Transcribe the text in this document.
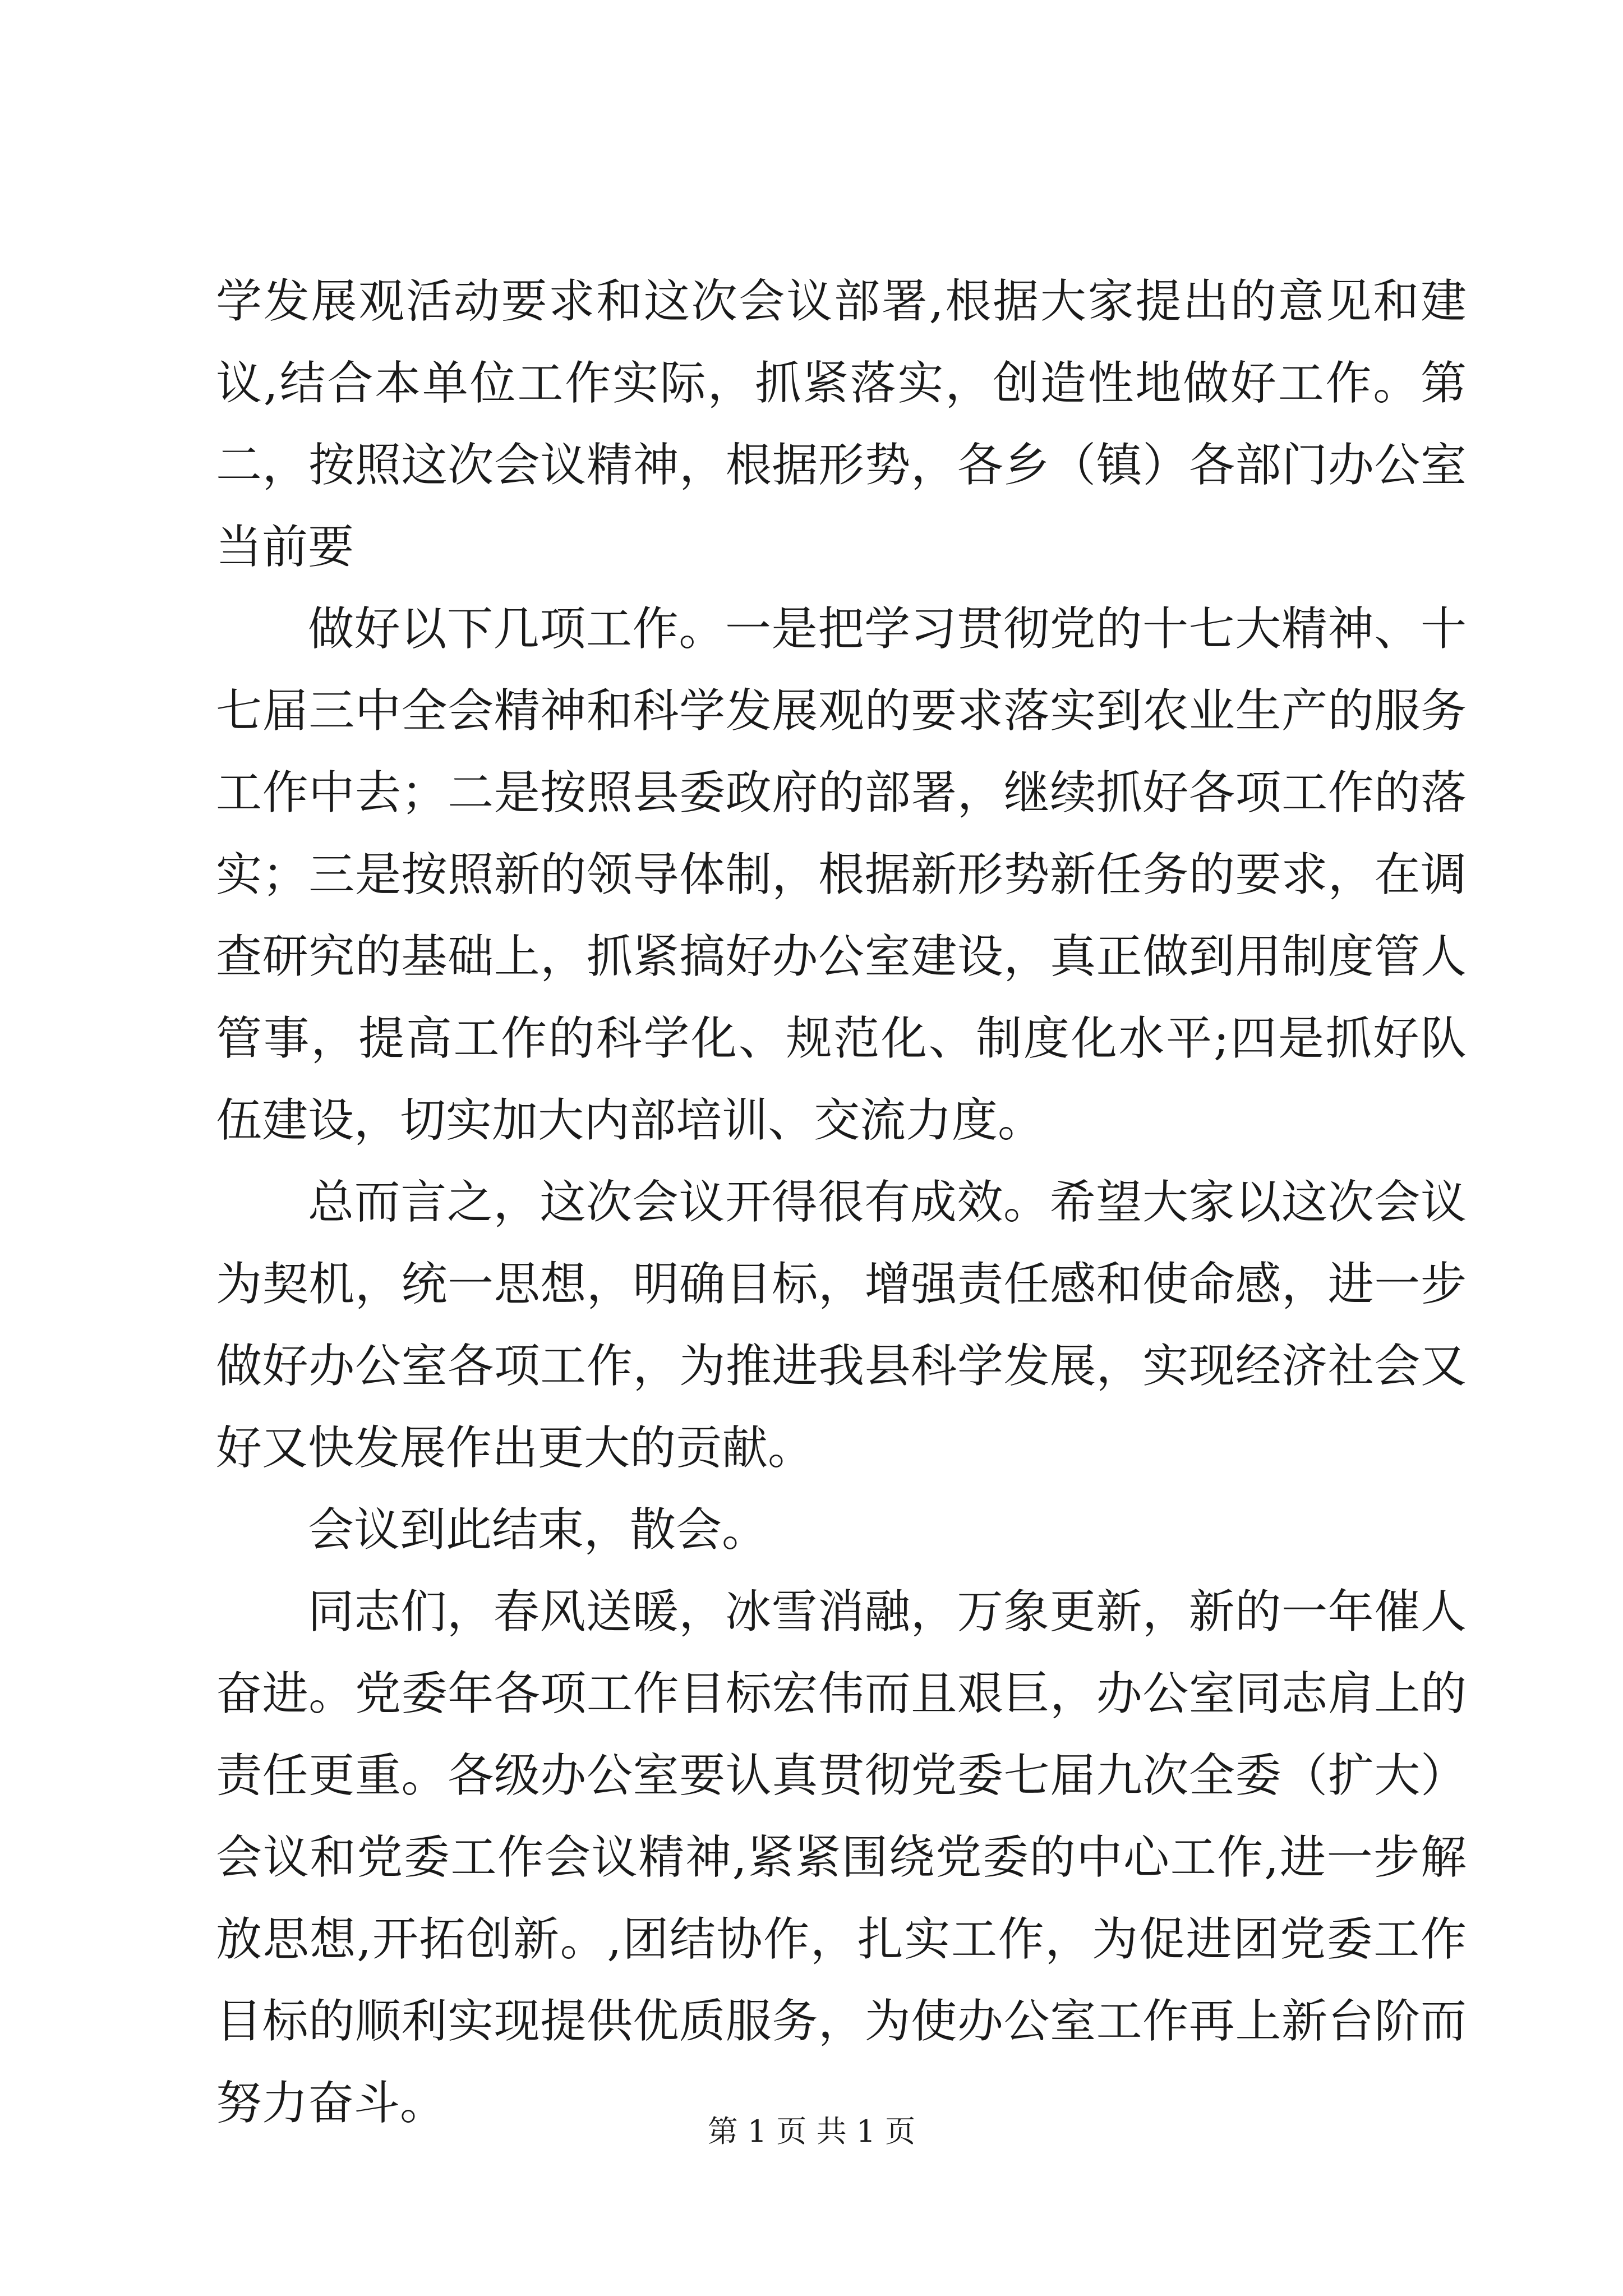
学发展观活动要求和这次会议部署,根据大家提出的意见和建议,结合本单位工作实际，抓紧落实，创造性地做好工作。第二，按照这次会议精神，根据形势，各乡（镇）各部门办公室当前要

做好以下几项工作。一是把学习贯彻党的十七大精神、十七届三中全会精神和科学发展观的要求落实到农业生产的服务工作中去；二是按照县委政府的部署，继续抓好各项工作的落实；三是按照新的领导体制，根据新形势新任务的要求，在调查研究的基础上，抓紧搞好办公室建设，真正做到用制度管人管事，提高工作的科学化、规范化、制度化水平;四是抓好队伍建设，切实加大内部培训、交流力度。

总而言之，这次会议开得很有成效。希望大家以这次会议为契机，统一思想，明确目标，增强责任感和使命感，进一步做好办公室各项工作，为推进我县科学发展，实现经济社会又好又快发展作出更大的贡献。

会议到此结束，散会。

同志们，春风送暖，冰雪消融，万象更新，新的一年催人奋进。党委年各项工作目标宏伟而且艰巨，办公室同志肩上的责任更重。各级办公室要认真贯彻党委七届九次全委（扩大）会议和党委工作会议精神,紧紧围绕党委的中心工作,进一步解放思想,开拓创新。,团结协作，扎实工作，为促进团党委工作目标的顺利实现提供优质服务，为使办公室工作再上新台阶而努力奋斗。

第 1 页 共 1 页
